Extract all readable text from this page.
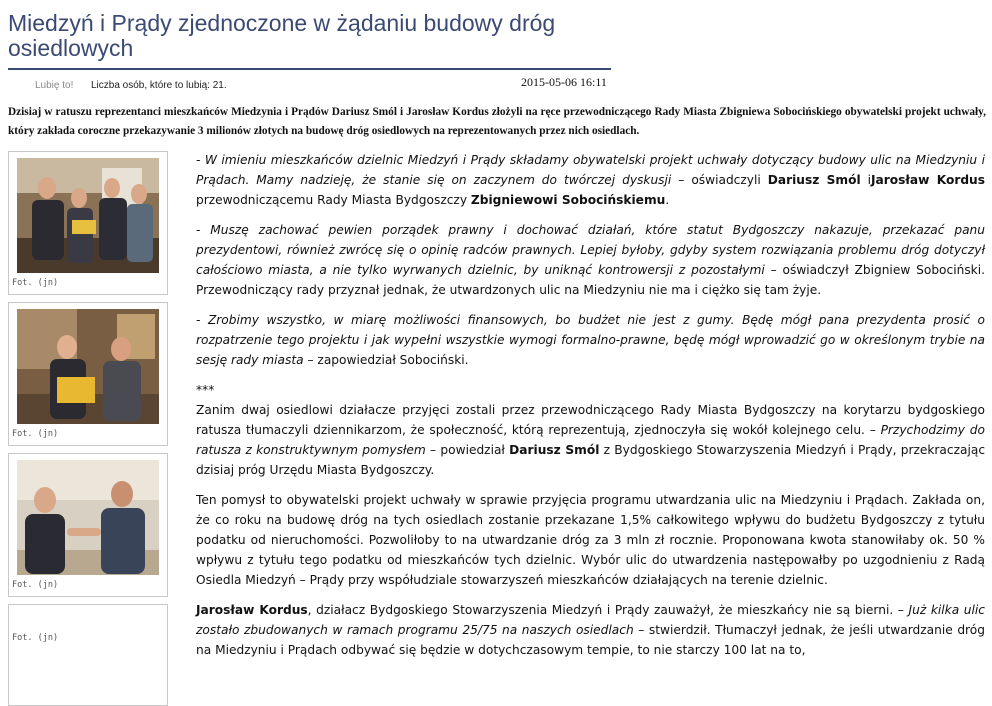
Miedzyń i Prądy zjednoczone w żądaniu budowy dróg osiedlowych
Lubię to! Liczba osób, które to lubią: 21.	2015-05-06 16:11

Dzisiaj w ratuszu reprezentanci mieszkańców Miedzynia i Prądów Dariusz Smól i Jarosław Kordus złożyli na ręce przewodniczącego Rady Miasta Zbigniewa Sobocińskiego obywatelski projekt uchwały, który zakłada coroczne przekazywanie 3 milionów złotych na budowę dróg osiedlowych na reprezentowanych przez nich osiedlach.

Fot. (jn)
Fot. (jn)
Fot. (jn)
Fot. (jn)

- W imieniu mieszkańców dzielnic Miedzyń i Prądy składamy obywatelski projekt uchwały dotyczący budowy ulic na Miedzyniu i Prądach. Mamy nadzieję, że stanie się on zaczynem do twórczej dyskusji – oświadczyli Dariusz Smól iJarosław Kordus przewodniczącemu Rady Miasta Bydgoszczy Zbigniewowi Sobocińskiemu.

- Muszę zachować pewien porządek prawny i dochować działań, które statut Bydgoszczy nakazuje, przekazać panu prezydentowi, również zwrócę się o opinię radców prawnych. Lepiej byłoby, gdyby system rozwiązania problemu dróg dotyczył całościowo miasta, a nie tylko wyrwanych dzielnic, by uniknąć kontrowersji z pozostałymi – oświadczył Zbigniew Sobociński. Przewodniczący rady przyznał jednak, że utwardzonych ulic na Miedzyniu nie ma i ciężko się tam żyje.

- Zrobimy wszystko, w miarę możliwości finansowych, bo budżet nie jest z gumy. Będę mógł pana prezydenta prosić o rozpatrzenie tego projektu i jak wypełni wszystkie wymogi formalno-prawne, będę mógł wprowadzić go w określonym trybie na sesję rady miasta – zapowiedział Sobociński.

***

Zanim dwaj osiedlowi działacze przyjęci zostali przez przewodniczącego Rady Miasta Bydgoszczy na korytarzu bydgoskiego ratusza tłumaczyli dziennikarzom, że społeczność, którą reprezentują, zjednoczyła się wokół kolejnego celu. – Przychodzimy do ratusza z konstruktywnym pomysłem – powiedział Dariusz Smól z Bydgoskiego Stowarzyszenia Miedzyń i Prądy, przekraczając dzisiaj próg Urzędu Miasta Bydgoszczy.

Ten pomysł to obywatelski projekt uchwały w sprawie przyjęcia programu utwardzania ulic na Miedzyniu i Prądach. Zakłada on, że co roku na budowę dróg na tych osiedlach zostanie przekazane 1,5% całkowitego wpływu do budżetu Bydgoszczy z tytułu podatku od nieruchomości. Pozwoliłoby to na utwardzanie dróg za 3 mln zł rocznie. Proponowana kwota stanowiłaby ok. 50 % wpływu z tytułu tego podatku od mieszkańców tych dzielnic. Wybór ulic do utwardzenia następowałby po uzgodnieniu z Radą Osiedla Miedzyń – Prądy przy współudziale stowarzyszeń mieszkańców działających na terenie dzielnic.

Jarosław Kordus, działacz Bydgoskiego Stowarzyszenia Miedzyń i Prądy zauważył, że mieszkańcy nie są bierni. – Już kilka ulic zostało zbudowanych w ramach programu 25/75 na naszych osiedlach – stwierdził. Tłumaczył jednak, że jeśli utwardzanie dróg na Miedzyniu i Prądach odbywać się będzie w dotychczasowym tempie, to nie starczy 100 lat na to,
